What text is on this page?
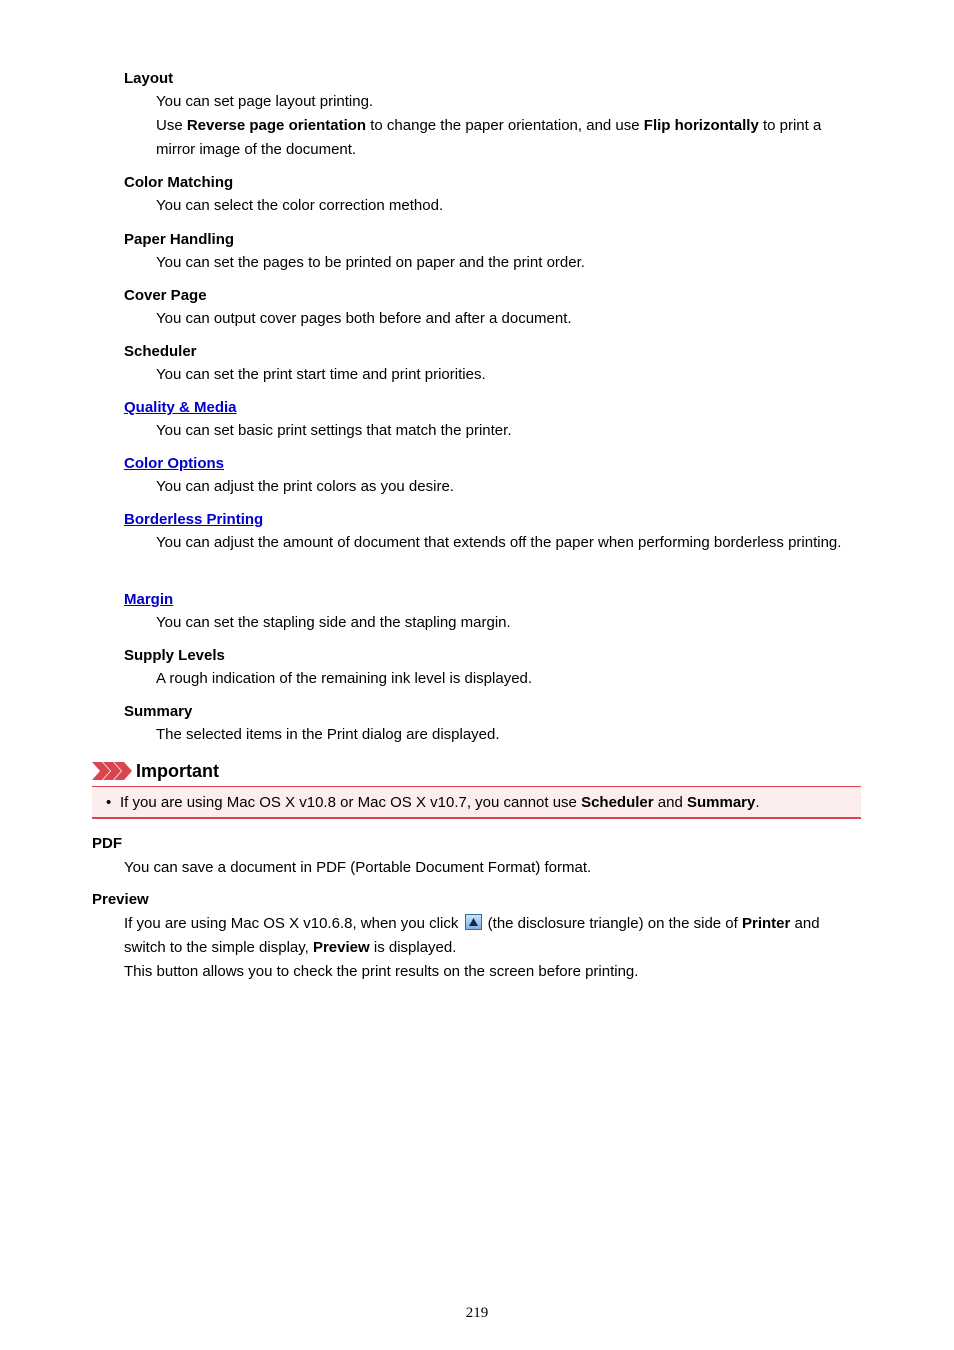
Layout

You can set page layout printing.

Use Reverse page orientation to change the paper orientation, and use Flip horizontally to print a mirror image of the document.

Color Matching

You can select the color correction method.

Paper Handling

You can set the pages to be printed on paper and the print order.

Cover Page

You can output cover pages both before and after a document.

Scheduler

You can set the print start time and print priorities.

Quality & Media

You can set basic print settings that match the printer.

Color Options

You can adjust the print colors as you desire.

Borderless Printing

You can adjust the amount of document that extends off the paper when performing borderless printing.

Margin

You can set the stapling side and the stapling margin.

Supply Levels

A rough indication of the remaining ink level is displayed.

Summary

The selected items in the Print dialog are displayed.

Important
• If you are using Mac OS X v10.8 or Mac OS X v10.7, you cannot use Scheduler and Summary.
PDF

You can save a document in PDF (Portable Document Format) format.

Preview

If you are using Mac OS X v10.6.8, when you click
(the disclosure triangle) on the side of Printer and switch to the simple display, Preview is displayed.

This button allows you to check the print results on the screen before printing.

219
